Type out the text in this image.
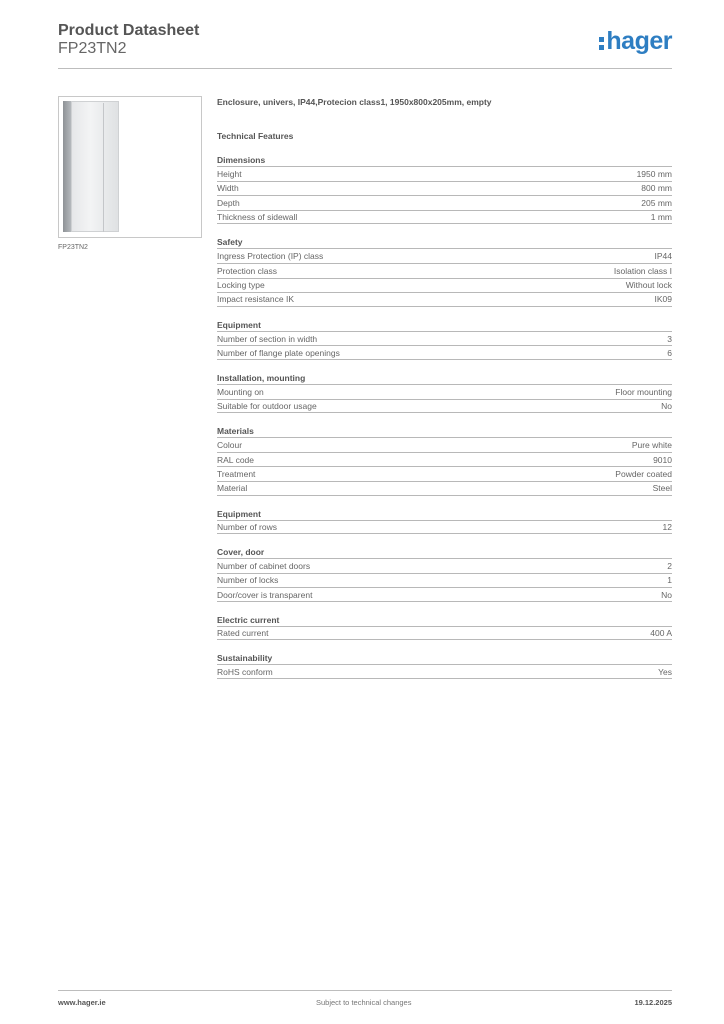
Product Datasheet
FP23TN2	hager
FP23TN2
Enclosure, univers, IP44,Protecion class1, 1950x800x205mm, empty
Technical Features
Dimensions
Height	1950 mm
Width	800 mm
Depth	205 mm
Thickness of sidewall	1 mm
Safety
Ingress Protection (IP) class	IP44
Protection class	Isolation class I
Locking type	Without lock
Impact resistance IK	IK09
Equipment
Number of section in width	3
Number of flange plate openings	6
Installation, mounting
Mounting on	Floor mounting
Suitable for outdoor usage	No
Materials
Colour	Pure white
RAL code	9010
Treatment	Powder coated
Material	Steel
Equipment
Number of rows	12
Cover, door
Number of cabinet doors	2
Number of locks	1
Door/cover is transparent	No
Electric current
Rated current	400 A
Sustainability
RoHS conform	Yes
www.hager.ie	Subject to technical changes	19.12.2025
